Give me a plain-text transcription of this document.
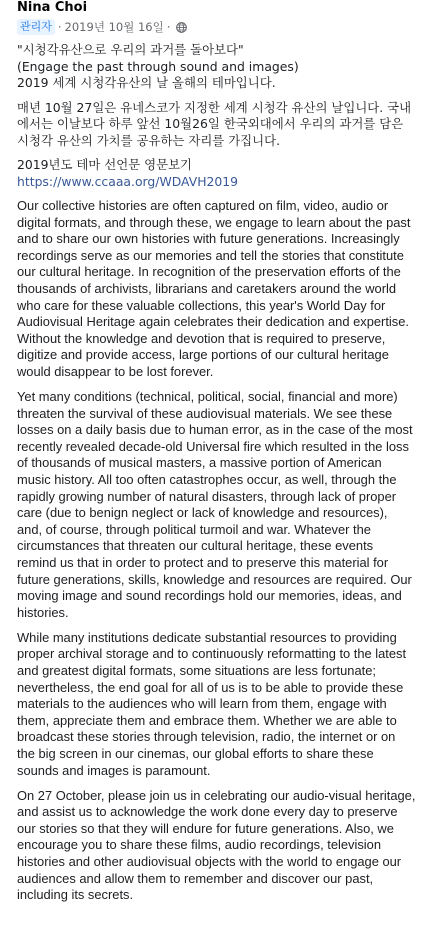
Nina Choi
관리자 · 2019년 10월 16일 ·

"시청각유산으로 우리의 과거를 돌아보다"
(Engage the past through sound and images)
2019 세계 시청각유산의 날 올해의 테마입니다.

매년 10월 27일은 유네스코가 지정한 세계 시청각 유산의 날입니다. 국내에서는 이날보다 하루 앞선 10월26일 한국외대에서 우리의 과거를 담은 시청각 유산의 가치를 공유하는 자리를 가집니다.

2019년도 테마 선언문 영문보기
https://www.ccaaa.org/WDAVH2019

Our collective histories are often captured on film, video, audio or digital formats, and through these, we engage to learn about the past and to share our own histories with future generations. Increasingly recordings serve as our memories and tell the stories that constitute our cultural heritage. In recognition of the preservation efforts of the thousands of archivists, librarians and caretakers around the world who care for these valuable collections, this year's World Day for Audiovisual Heritage again celebrates their dedication and expertise. Without the knowledge and devotion that is required to preserve, digitize and provide access, large portions of our cultural heritage would disappear to be lost forever.

Yet many conditions (technical, political, social, financial and more) threaten the survival of these audiovisual materials. We see these losses on a daily basis due to human error, as in the case of the most recently revealed decade-old Universal fire which resulted in the loss of thousands of musical masters, a massive portion of American music history. All too often catastrophes occur, as well, through the rapidly growing number of natural disasters, through lack of proper care (due to benign neglect or lack of knowledge and resources), and, of course, through political turmoil and war. Whatever the circumstances that threaten our cultural heritage, these events remind us that in order to protect and to preserve this material for future generations, skills, knowledge and resources are required. Our moving image and sound recordings hold our memories, ideas, and histories.

While many institutions dedicate substantial resources to providing proper archival storage and to continuously reformatting to the latest and greatest digital formats, some situations are less fortunate; nevertheless, the end goal for all of us is to be able to provide these materials to the audiences who will learn from them, engage with them, appreciate them and embrace them. Whether we are able to broadcast these stories through television, radio, the internet or on the big screen in our cinemas, our global efforts to share these sounds and images is paramount.

On 27 October, please join us in celebrating our audio-visual heritage, and assist us to acknowledge the work done every day to preserve our stories so that they will endure for future generations. Also, we encourage you to share these films, audio recordings, television histories and other audiovisual objects with the world to engage our audiences and allow them to remember and discover our past, including its secrets.
